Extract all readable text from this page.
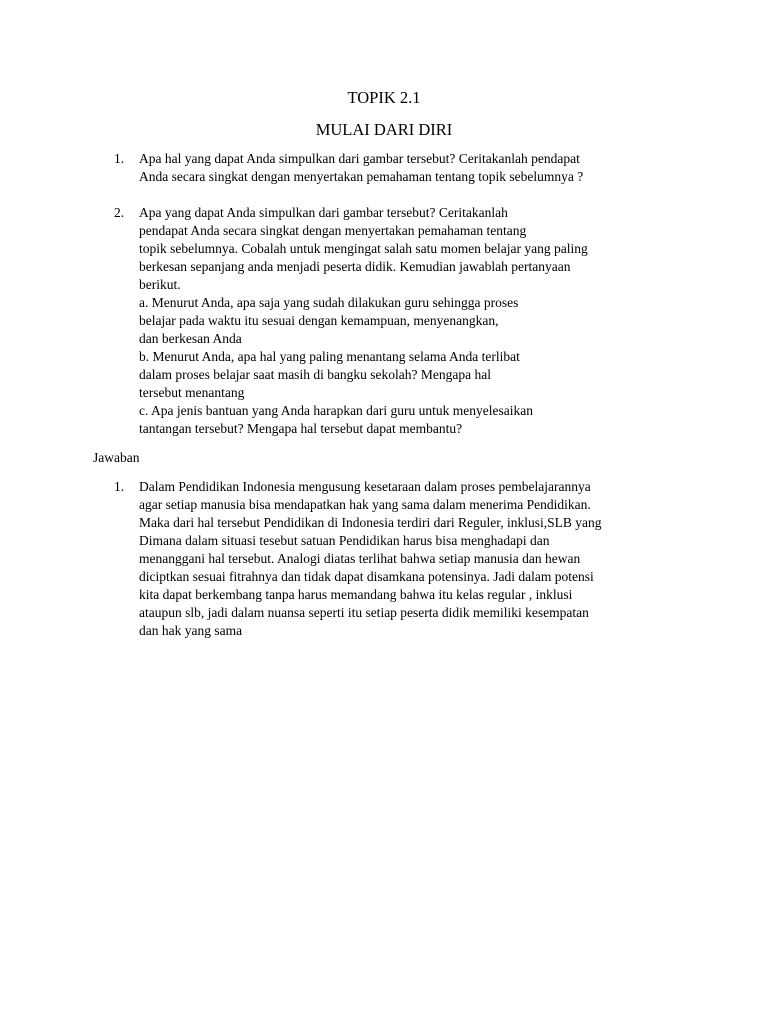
TOPIK 2.1
MULAI DARI DIRI
1. Apa hal yang dapat Anda simpulkan dari gambar tersebut? Ceritakanlah pendapat
Anda secara singkat dengan menyertakan pemahaman tentang topik sebelumnya ?
2. Apa yang dapat Anda simpulkan dari gambar tersebut? Ceritakanlah
pendapat Anda secara singkat dengan menyertakan pemahaman tentang
topik sebelumnya. Cobalah untuk mengingat salah satu momen belajar yang paling
berkesan sepanjang anda menjadi peserta didik. Kemudian jawablah pertanyaan
berikut.
a. Menurut Anda, apa saja yang sudah dilakukan guru sehingga proses
belajar pada waktu itu sesuai dengan kemampuan, menyenangkan,
dan berkesan Anda
b. Menurut Anda, apa hal yang paling menantang selama Anda terlibat
dalam proses belajar saat masih di bangku sekolah? Mengapa hal
tersebut menantang
c. Apa jenis bantuan yang Anda harapkan dari guru untuk menyelesaikan
tantangan tersebut? Mengapa hal tersebut dapat membantu?
Jawaban
1. Dalam Pendidikan Indonesia mengusung kesetaraan dalam proses pembelajarannya
agar setiap manusia bisa mendapatkan hak yang sama dalam menerima Pendidikan.
Maka dari hal tersebut Pendidikan di Indonesia terdiri dari Reguler, inklusi,SLB yang
Dimana dalam situasi tesebut satuan Pendidikan harus bisa menghadapi dan
menanggani hal tersebut. Analogi diatas terlihat bahwa setiap manusia dan hewan
diciptkan sesuai fitrahnya dan tidak dapat disamkana potensinya. Jadi dalam potensi
kita dapat berkembang tanpa harus memandang bahwa itu kelas regular , inklusi
ataupun slb, jadi dalam nuansa seperti itu setiap peserta didik memiliki kesempatan
dan hak yang sama
